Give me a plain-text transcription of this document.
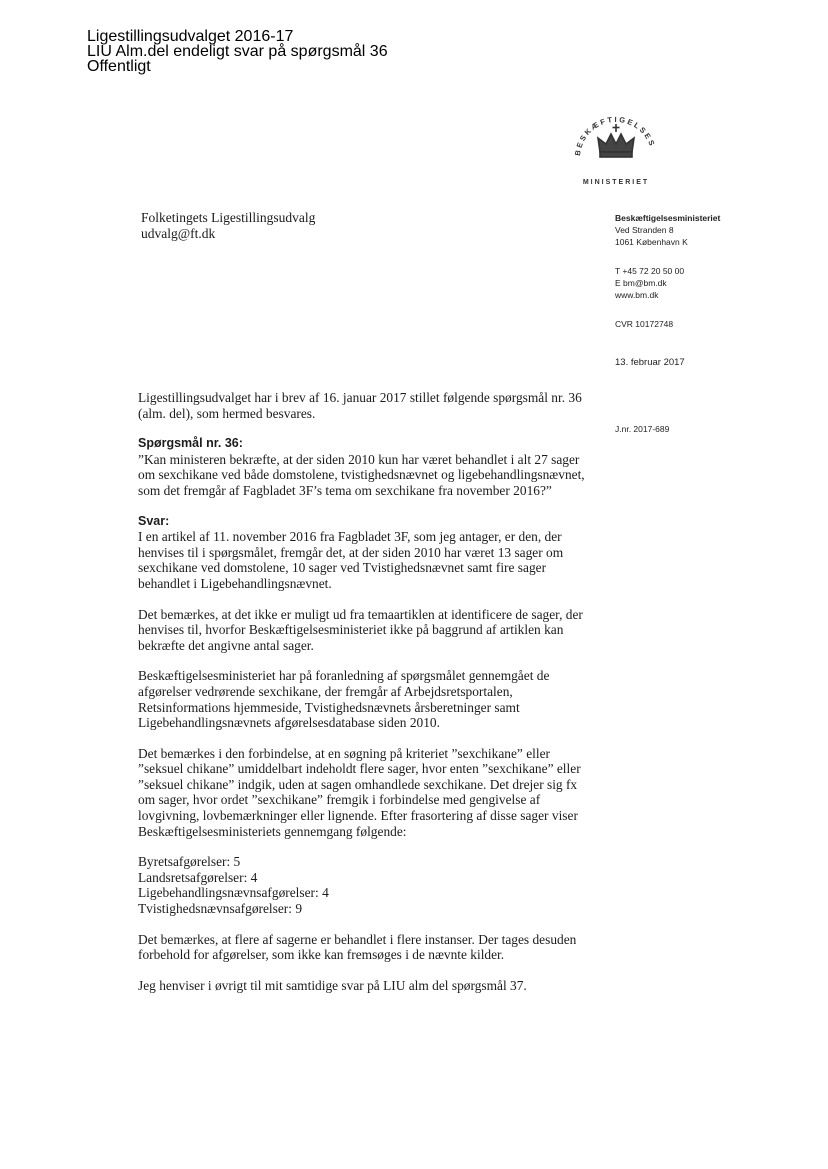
Ligestillingsudvalget 2016-17
LIU Alm.del endeligt svar på spørgsmål 36
Offentligt
BESKÆFTIGELSES
MINISTERIET
Folketingets Ligestillingsudvalg
udvalg@ft.dk
Beskæftigelsesministeriet
Ved Stranden 8
1061 København K
T +45 72 20 50 00
E bm@bm.dk
www.bm.dk
CVR 10172748
13. februar 2017
J.nr. 2017-689

Ligestillingsudvalget har i brev af 16. januar 2017 stillet følgende spørgsmål nr. 36 (alm. del), som hermed besvares.

Spørgsmål nr. 36:

”Kan ministeren bekræfte, at der siden 2010 kun har været behandlet i alt 27 sager om sexchikane ved både domstolene, tvistighedsnævnet og ligebehandlingsnævnet, som det fremgår af Fagbladet 3F’s tema om sexchikane fra november 2016?”

Svar:

I en artikel af 11. november 2016 fra Fagbladet 3F, som jeg antager, er den, der henvises til i spørgsmålet, fremgår det, at der siden 2010 har været 13 sager om sexchikane ved domstolene, 10 sager ved Tvistighedsnævnet samt fire sager behandlet i Ligebehandlingsnævnet.

Det bemærkes, at det ikke er muligt ud fra temaartiklen at identificere de sager, der henvises til, hvorfor Beskæftigelsesministeriet ikke på baggrund af artiklen kan bekræfte det angivne antal sager.

Beskæftigelsesministeriet har på foranledning af spørgsmålet gennemgået de afgørelser vedrørende sexchikane, der fremgår af Arbejdsretsportalen, Retsinformations hjemmeside, Tvistighedsnævnets årsberetninger samt Ligebehandlingsnævnets afgørelsesdatabase siden 2010.

Det bemærkes i den forbindelse, at en søgning på kriteriet ”sexchikane” eller ”seksuel chikane” umiddelbart indeholdt flere sager, hvor enten ”sexchikane” eller ”seksuel chikane” indgik, uden at sagen omhandlede sexchikane. Det drejer sig fx om sager, hvor ordet ”sexchikane” fremgik i forbindelse med gengivelse af lovgivning, lovbemærkninger eller lignende. Efter frasortering af disse sager viser Beskæftigelsesministeriets gennemgang følgende:

Byretsafgørelser: 5

Landsretsafgørelser: 4

Ligebehandlingsnævnsafgørelser: 4

Tvistighedsnævnsafgørelser: 9

Det bemærkes, at flere af sagerne er behandlet i flere instanser. Der tages desuden forbehold for afgørelser, som ikke kan fremsøges i de nævnte kilder.

Jeg henviser i øvrigt til mit samtidige svar på LIU alm del spørgsmål 37.
